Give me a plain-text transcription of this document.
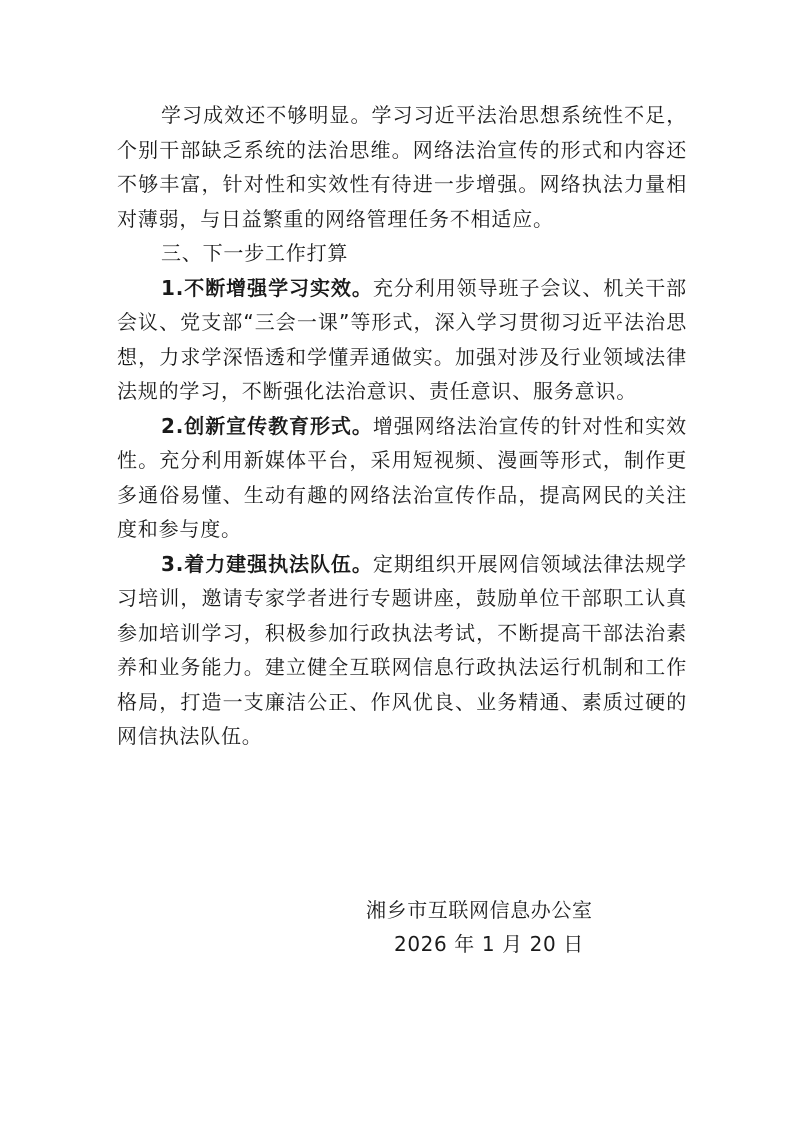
学习成效还不够明显。学习习近平法治思想系统性不足，个别干部缺乏系统的法治思维。网络法治宣传的形式和内容还不够丰富，针对性和实效性有待进一步增强。网络执法力量相对薄弱，与日益繁重的网络管理任务不相适应。

三、下一步工作打算

1.不断增强学习实效。充分利用领导班子会议、机关干部会议、党支部“三会一课”等形式，深入学习贯彻习近平法治思想，力求学深悟透和学懂弄通做实。加强对涉及行业领域法律法规的学习，不断强化法治意识、责任意识、服务意识。

2.创新宣传教育形式。增强网络法治宣传的针对性和实效性。充分利用新媒体平台，采用短视频、漫画等形式，制作更多通俗易懂、生动有趣的网络法治宣传作品，提高网民的关注度和参与度。

3.着力建强执法队伍。定期组织开展网信领域法律法规学习培训，邀请专家学者进行专题讲座，鼓励单位干部职工认真参加培训学习，积极参加行政执法考试，不断提高干部法治素养和业务能力。建立健全互联网信息行政执法运行机制和工作格局，打造一支廉洁公正、作风优良、业务精通、素质过硬的网信执法队伍。

湘乡市互联网信息办公室
2026 年 1 月 20 日
